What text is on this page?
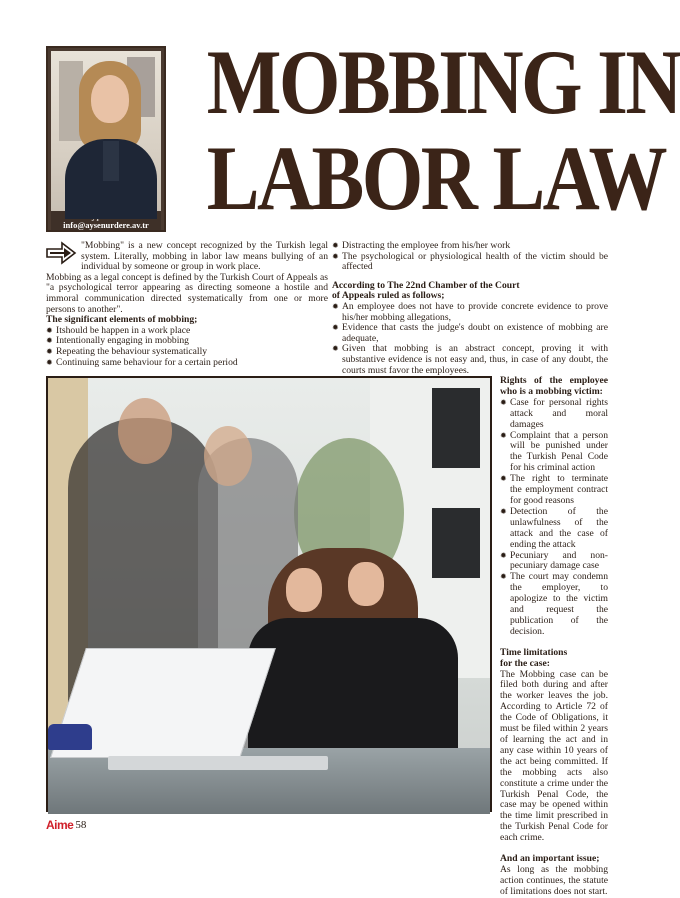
info@aysenurdere.av.tr
MOBBING IN
LABOR LAW

"Mobbing" is a new concept recognized by the Turkish legal system. Literally, mobbing in labor law means bullying of an individual by someone or group in work place.

Mobbing as a legal concept is defined by the Turkish Court of Appeals as "a psychological terror appearing as directing someone a hostile and immoral communication directed systematically from one or more persons to another".

The significant elements of mobbing;

✹ Itshould be happen in a work place
✹ Intentionally engaging in mobbing
✹ Repeating the behaviour systematically
✹ Continuing same behaviour for a certain period
✹ Distracting the employee from his/her work
✹ The psychological or physiological health of the victim should be affected

According to The 22nd Chamber of the Court

of Appeals ruled as follows;

✹ An employee does not have to provide concrete evidence to prove his/her mobbing allegations,
✹ Evidence that casts the judge's doubt on existence of mobbing are adequate,
✹ Given that mobbing is an abstract concept, proving it with substantive evidence is not easy and, thus, in case of any doubt, the courts must favor the employees.

Rights of the employee who is a mobbing victim:

✹ Case for personal rights attack and moral damages
✹ Complaint that a person will be punished under the Turkish Penal Code for his criminal action
✹ The right to terminate the employment contract for good reasons
✹ Detection of the unlawfulness of the attack and the case of ending the attack
✹ Pecuniary and non-pecuniary damage case
✹ The court may condemn the employer, to apologize to the victim and request the publication of the decision.

Time limitations

for the case:

The Mobbing case can be filed both during and after the worker leaves the job. According to Article 72 of the Code of Obligations, it must be filed within 2 years of learning the act and in any case within 10 years of the act being committed. If the mobbing acts also constitute a crime under the Turkish Penal Code, the case may be opened within the time limit prescribed in the Turkish Penal Code for each crime.

And an important issue;

As long as the mobbing action continues, the statute of limitations does not start.

Aime 58
